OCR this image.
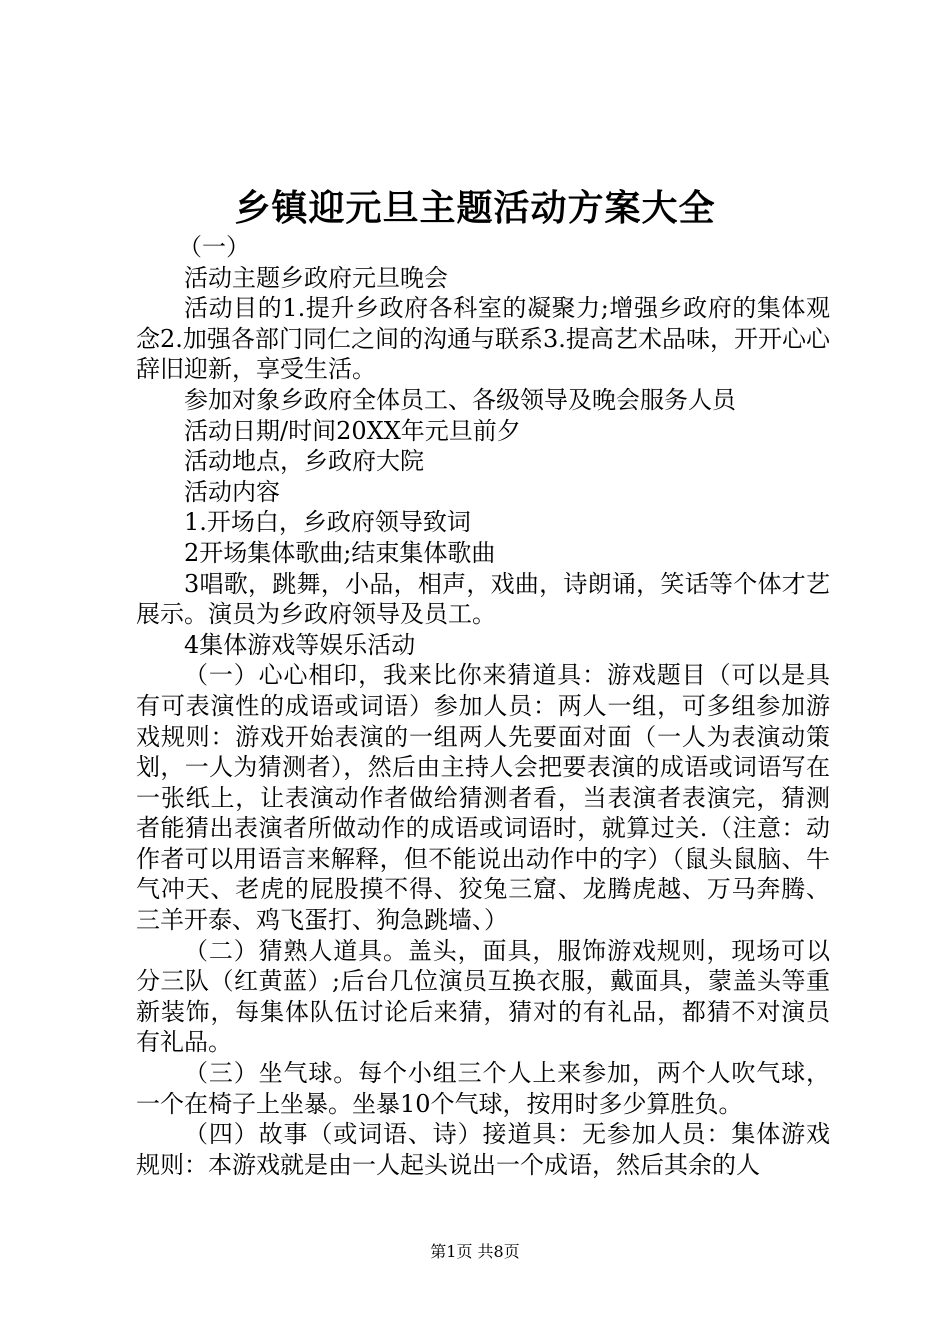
乡镇迎元旦主题活动方案大全

（一）

活动主题乡政府元旦晚会

活动目的1.提升乡政府各科室的凝聚力;增强乡政府的集体观念2.加强各部门同仁之间的沟通与联系3.提高艺术品味，开开心心辞旧迎新，享受生活。

参加对象乡政府全体员工、各级领导及晚会服务人员

活动日期/时间20XX年元旦前夕

活动地点，乡政府大院

活动内容

1.开场白，乡政府领导致词

2开场集体歌曲;结束集体歌曲

3唱歌，跳舞，小品，相声，戏曲，诗朗诵，笑话等个体才艺展示。演员为乡政府领导及员工。

4集体游戏等娱乐活动

（一）心心相印，我来比你来猜道具：游戏题目（可以是具有可表演性的成语或词语）参加人员：两人一组，可多组参加游戏规则：游戏开始表演的一组两人先要面对面（一人为表演动策划，一人为猜测者），然后由主持人会把要表演的成语或词语写在一张纸上，让表演动作者做给猜测者看，当表演者表演完，猜测者能猜出表演者所做动作的成语或词语时，就算过关.（注意：动作者可以用语言来解释，但不能说出动作中的字）（鼠头鼠脑、牛气冲天、老虎的屁股摸不得、狡兔三窟、龙腾虎越、万马奔腾、三羊开泰、鸡飞蛋打、狗急跳墙、）

（二）猜熟人道具。盖头，面具，服饰游戏规则，现场可以分三队（红黄蓝）;后台几位演员互换衣服，戴面具，蒙盖头等重新装饰，每集体队伍讨论后来猜，猜对的有礼品，都猜不对演员有礼品。

（三）坐气球。每个小组三个人上来参加，两个人吹气球，一个在椅子上坐暴。坐暴10个气球，按用时多少算胜负。

（四）故事（或词语、诗）接道具：无参加人员：集体游戏规则：本游戏就是由一人起头说出一个成语，然后其余的人

第1页 共8页
